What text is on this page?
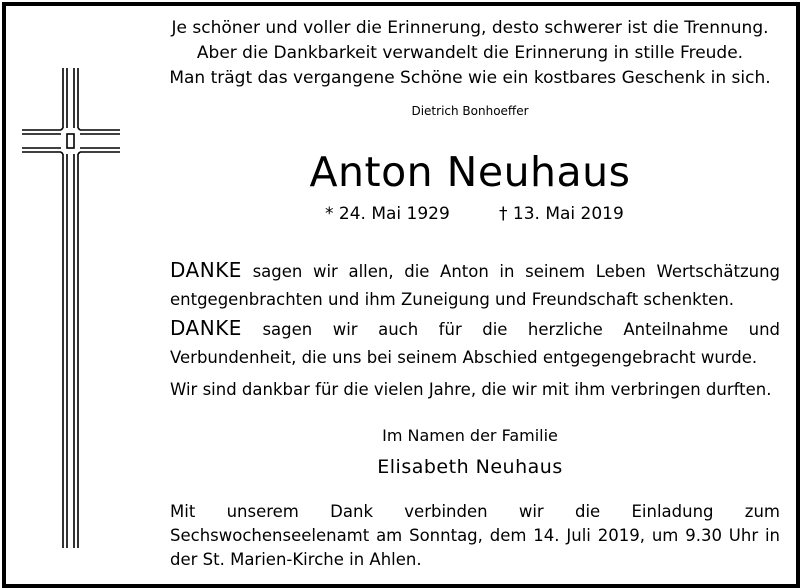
Je schöner und voller die Erinnerung, desto schwerer ist die Trennung.
Aber die Dankbarkeit verwandelt die Erinnerung in stille Freude.
Man trägt das vergangene Schöne wie ein kostbares Geschenk in sich.
Dietrich Bonhoeffer
Anton Neuhaus
* 24. Mai 1929	† 13. Mai 2019
DANKE sagen wir allen, die Anton in seinem Leben Wertschätzung entgegenbrachten und ihm Zuneigung und Freundschaft schenkten.
DANKE sagen wir auch für die herzliche Anteilnahme und Verbundenheit, die uns bei seinem Abschied entgegengebracht wurde.
Wir sind dankbar für die vielen Jahre, die wir mit ihm verbringen durften.
Im Namen der Familie
Elisabeth Neuhaus
Mit unserem Dank verbinden wir die Einladung zum Sechswochenseelenamt am Sonntag, dem 14. Juli 2019, um 9.30 Uhr in der St. Marien-Kirche in Ahlen.
